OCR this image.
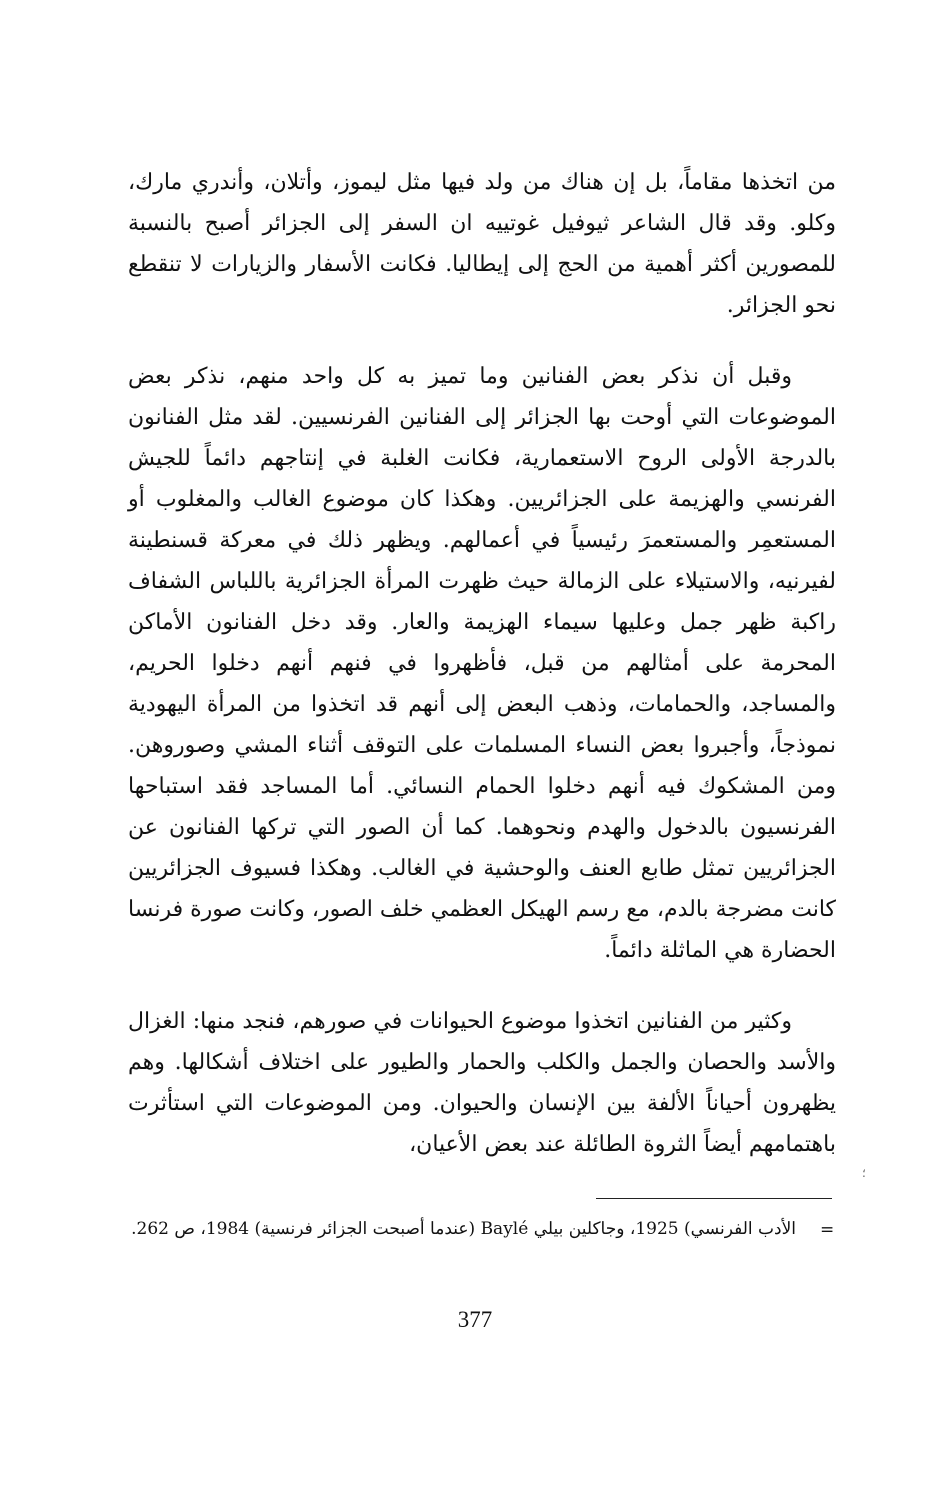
من اتخذها مقاماً، بل إن هناك من ولد فيها مثل ليموز، وأتلان، وأندري مارك، وكلو. وقد قال الشاعر ثيوفيل غوتييه ان السفر إلى الجزائر أصبح بالنسبة للمصورين أكثر أهمية من الحج إلى إيطاليا. فكانت الأسفار والزيارات لا تنقطع نحو الجزائر.

وقبل أن نذكر بعض الفنانين وما تميز به كل واحد منهم، نذكر بعض الموضوعات التي أوحت بها الجزائر إلى الفنانين الفرنسيين. لقد مثل الفنانون بالدرجة الأولى الروح الاستعمارية، فكانت الغلبة في إنتاجهم دائماً للجيش الفرنسي والهزيمة على الجزائريين. وهكذا كان موضوع الغالب والمغلوب أو المستعمِر والمستعمرَ رئيسياً في أعمالهم. ويظهر ذلك في معركة قسنطينة لفيرنيه، والاستيلاء على الزمالة حيث ظهرت المرأة الجزائرية باللباس الشفاف راكبة ظهر جمل وعليها سيماء الهزيمة والعار. وقد دخل الفنانون الأماكن المحرمة على أمثالهم من قبل، فأظهروا في فنهم أنهم دخلوا الحريم، والمساجد، والحمامات، وذهب البعض إلى أنهم قد اتخذوا من المرأة اليهودية نموذجاً، وأجبروا بعض النساء المسلمات على التوقف أثناء المشي وصوروهن. ومن المشكوك فيه أنهم دخلوا الحمام النسائي. أما المساجد فقد استباحها الفرنسيون بالدخول والهدم ونحوهما. كما أن الصور التي تركها الفنانون عن الجزائريين تمثل طابع العنف والوحشية في الغالب. وهكذا فسيوف الجزائريين كانت مضرجة بالدم، مع رسم الهيكل العظمي خلف الصور، وكانت صورة فرنسا الحضارة هي الماثلة دائماً.

وكثير من الفنانين اتخذوا موضوع الحيوانات في صورهم، فنجد منها: الغزال والأسد والحصان والجمل والكلب والحمار والطيور على اختلاف أشكالها. وهم يظهرون أحياناً الألفة بين الإنسان والحيوان. ومن الموضوعات التي استأثرت باهتمامهم أيضاً الثروة الطائلة عند بعض الأعيان،

؛
=

الأدب الفرنسي) 1925، وجاكلين بيلي Baylé (عندما أصبحت الجزائر فرنسية) 1984، ص 262.

377
